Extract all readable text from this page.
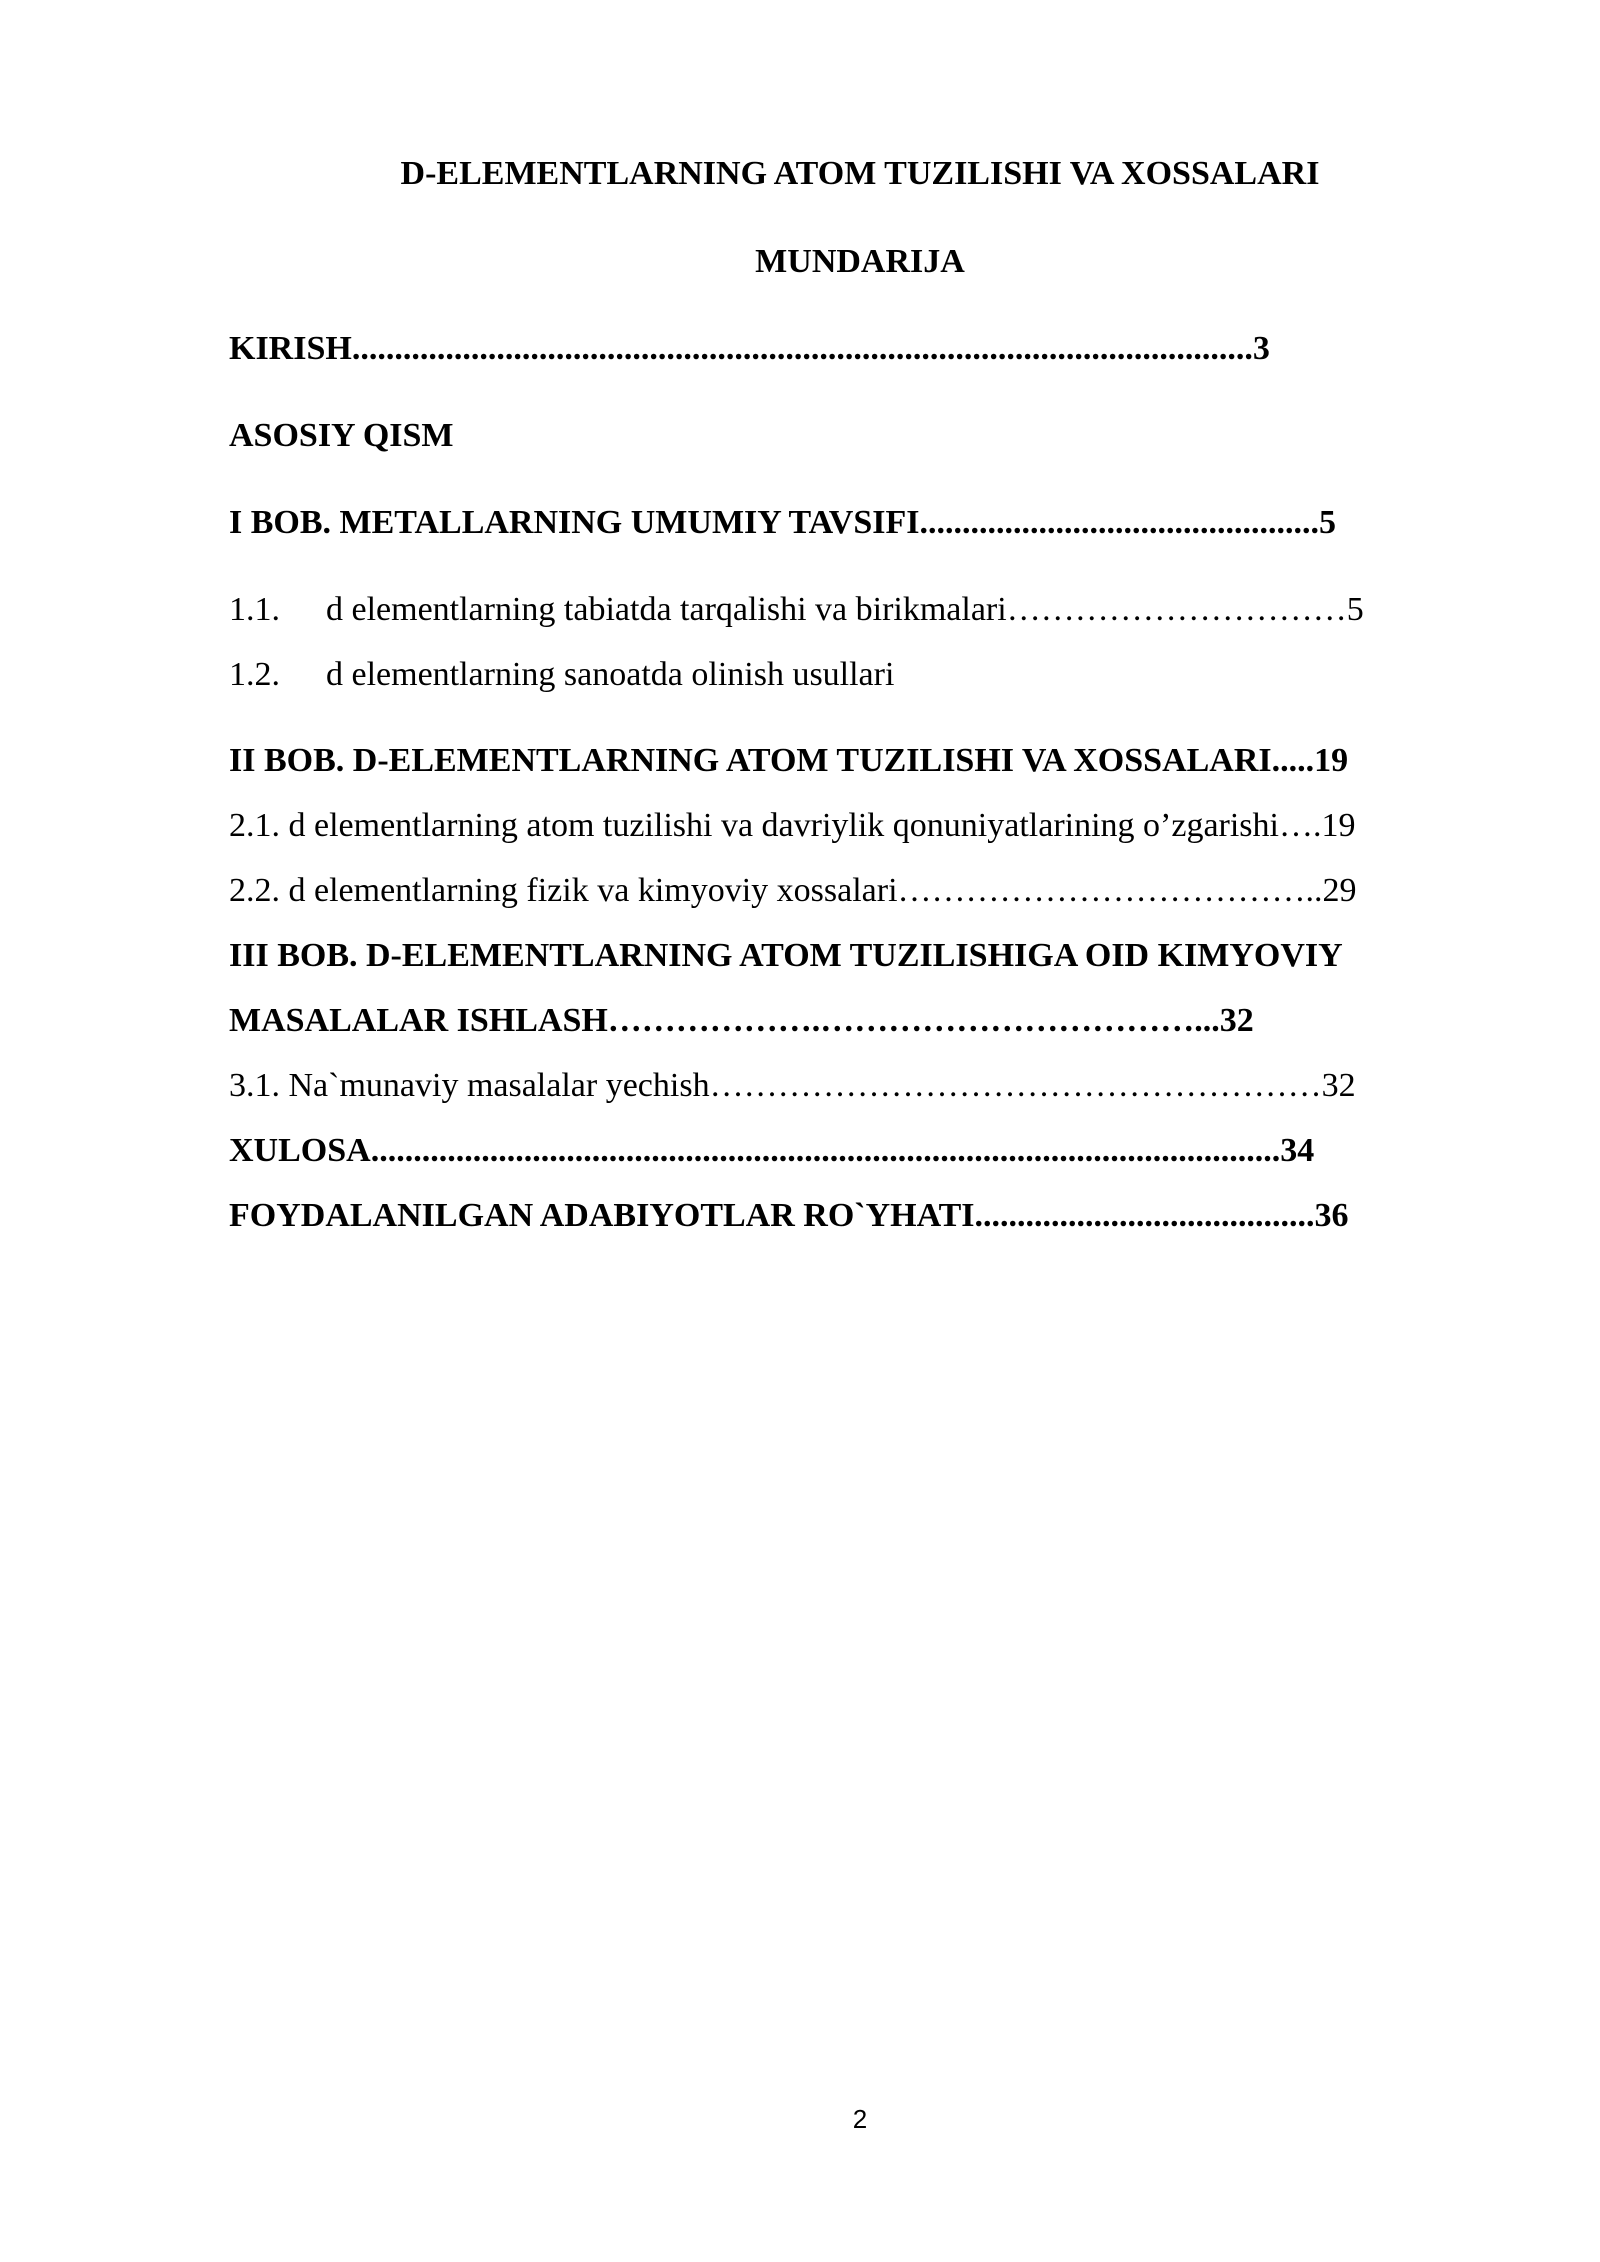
D-ELEMENTLARNING ATOM TUZILISHI VA XOSSALARI
MUNDARIJA
KIRISH..........................................................................................................3
ASOSIY QISM
I BOB. METALLARNING UMUMIY TAVSIFI...............................................5
1.1. d elementlarning tabiatda tarqalishi va birikmalari…………………………5
1.2. d elementlarning sanoatda olinish usullari
II BOB. D-ELEMENTLARNING ATOM TUZILISHI VA XOSSALARI.....19
2.1. d elementlarning atom tuzilishi va davriylik qonuniyatlarining o’zgarishi….19
2.2. d elementlarning fizik va kimyoviy xossalari………………………………..29
III BOB. D-ELEMENTLARNING ATOM TUZILISHIGA OID KIMYOVIY
MASALALAR ISHLASH……………….……………………………...32
3.1. Na`munaviy masalalar yechish………………………………………………32
XULOSA...........................................................................................................34
FOYDALANILGAN ADABIYOTLAR RO`YHATI........................................36
2
